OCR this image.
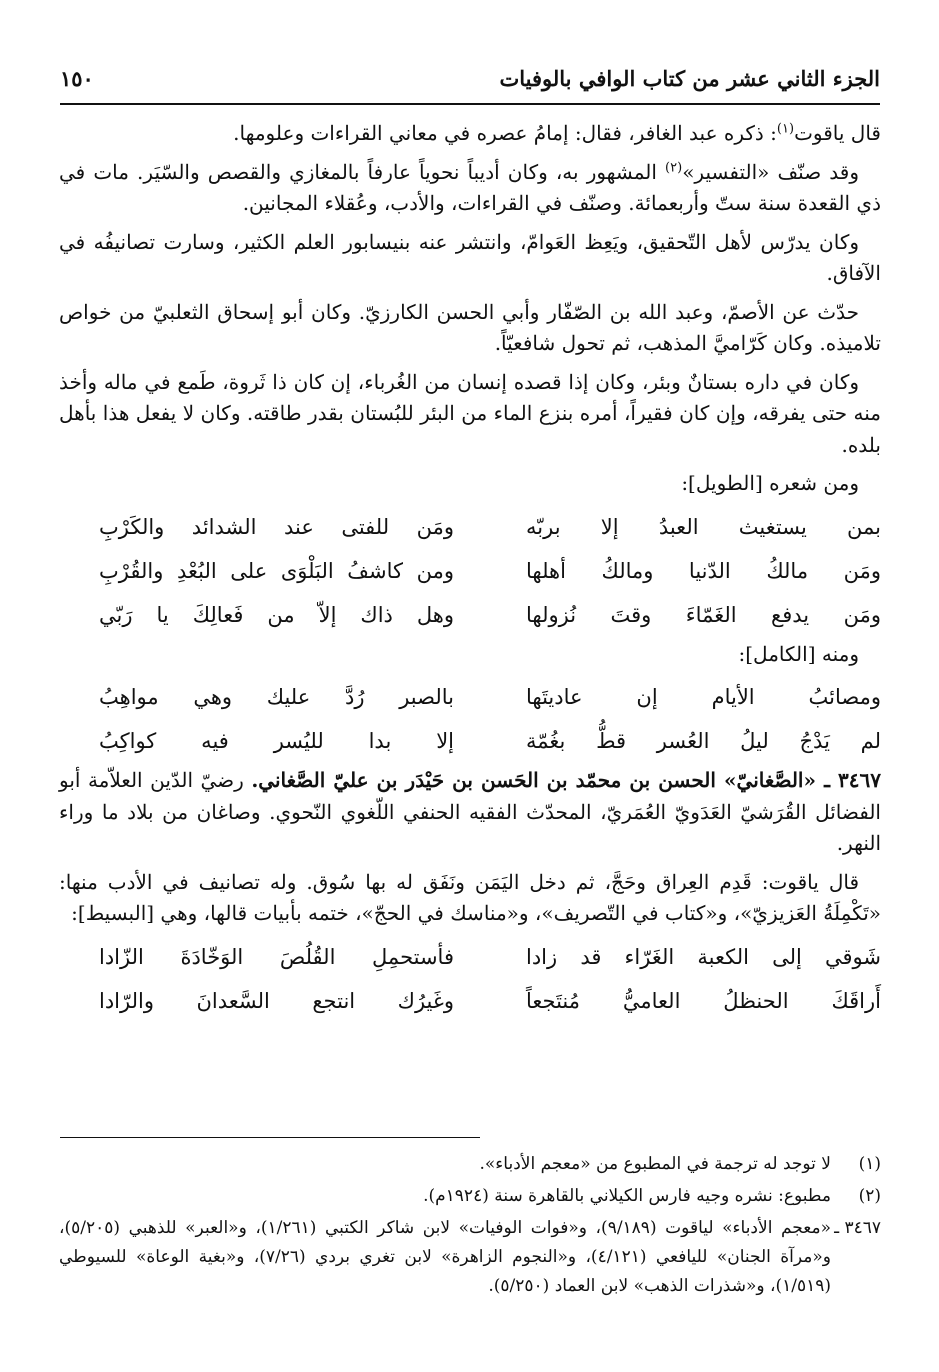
الجزء الثاني عشر من كتاب الوافي بالوفيات
١٥٠

قال ياقوت$^{(١)}$: ذكره عبد الغافر، فقال: إمامُ عصره في معاني القراءات وعلومها.

وقد صنّف «التفسير»$^{(٢)}$ المشهور به، وكان أديباً نحوياً عارفاً بالمغازي والقصص والسّيَر. مات في ذي القعدة سنة ستّ وأربعمائة. وصنّف في القراءات، والأدب، وعُقلاء المجانين.

وكان يدرّس لأهل التّحقيق، ويَعِظ العَوامّ، وانتشر عنه بنيسابور العلم الكثير، وسارت تصانيفُه في الآفاق.

حدّث عن الأصمّ، وعبد الله بن الصّفّار وأبي الحسن الكارزيّ. وكان أبو إسحاق الثعلبيّ من خواص تلاميذه. وكان كَرّاميَّ المذهب، ثم تحول شافعيّاً.

وكان في داره بستانٌ وبئر، وكان إذا قصده إنسان من الغُرباء، إن كان ذا ثَروة، طَمع في ماله وأخذ منه حتى يفرقه، وإن كان فقيراً، أمره بنزع الماء من البئر للبُستان بقدر طاقته. وكان لا يفعل هذا بأهل بلده.

ومن شعره [الطويل]:

بمن يستغيث العبدُ إلا بربّه
ومَن للفتى عند الشدائد والكَرْبِ
ومَن مالكُ الدّنيا ومالكُ أهلها
ومن كاشفُ البَلْوَى على البُعْدِ والقُرْبِ
ومَن يدفع الغَمّاءَ وقتَ نُزولها
وهل ذاك إلاّ من فَعالِكَ يا رَبّي

ومنه [الكامل]:

ومصائبُ الأيام إن عاديتَها
بالصبر رُدَّ عليك وهي مواهِبُ
لم يَدْجُ ليلُ العُسر قطُّ بغُمّة
إلا بدا لليُسر فيه كواكِبُ

٣٤٦٧ ـ «الصَّغانيّ» الحسن بن محمّد بن الحَسن بن حَيْدَر بن عليّ الصَّغاني. رضيّ الدّين العلاّمة أبو الفضائل القُرَشيّ العَدَويّ العُمَريّ، المحدّث الفقيه الحنفي اللّغوي النّحوي. وصاغان من بلاد ما وراء النهر.

قال ياقوت: قَدِم العِراق وحَجَّ، ثم دخل اليَمَن ونَفَق له بها سُوق. وله تصانيف في الأدب منها: «تَكْمِلَةُ العَزيزيّ»، و«كتاب في التّصريف»، و«مناسك في الحجّ»، ختمه بأبيات قالها، وهي [البسيط]:

شَوقي إلى الكعبة الغَرّاء قد زادا
فأستحمِلِ القُلُصَ الوَخّادَةَ الزّادا
أَراقَكَ الحنظلُ العاميُّ مُنتَجعاً
وغَيرُك انتجع السَّعدانَ والرّادا
(١)
لا توجد له ترجمة في المطبوع من «معجم الأدباء».
(٢)
مطبوع: نشره وجيه فارس الكيلاني بالقاهرة سنة (١٩٢٤م).
٣٤٦٧ ـ
«معجم الأدباء» لياقوت (٩/١٨٩)، و«فوات الوفيات» لابن شاكر الكتبي (١/٢٦١)، و«العبر» للذهبي (٥/٢٠٥)، و«مرآة الجنان» لليافعي (٤/١٢١)، و«النجوم الزاهرة» لابن تغري بردي (٧/٢٦)، و«بغية الوعاة» للسيوطي (١/٥١٩)، و«شذرات الذهب» لابن العماد (٥/٢٥٠).
